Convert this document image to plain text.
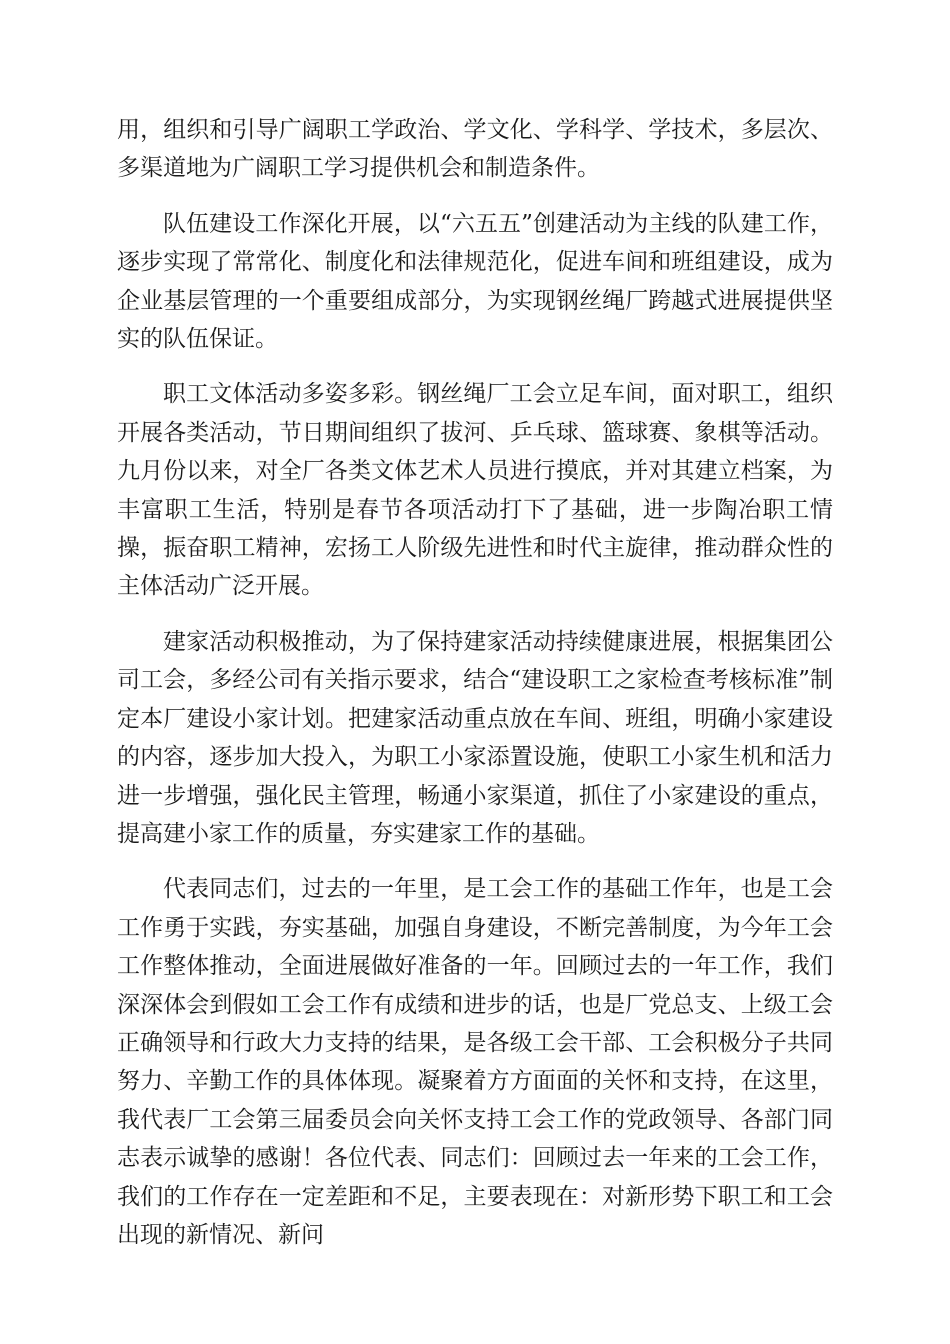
用，组织和引导广阔职工学政治、学文化、学科学、学技术，多层次、多渠道地为广阔职工学习提供机会和制造条件。

队伍建设工作深化开展，以“六五五”创建活动为主线的队建工作，逐步实现了常常化、制度化和法律规范化，促进车间和班组建设，成为企业基层管理的一个重要组成部分，为实现钢丝绳厂跨越式进展提供坚实的队伍保证。

职工文体活动多姿多彩。钢丝绳厂工会立足车间，面对职工，组织开展各类活动，节日期间组织了拔河、乒乓球、篮球赛、象棋等活动。九月份以来，对全厂各类文体艺术人员进行摸底，并对其建立档案，为丰富职工生活，特别是春节各项活动打下了基础，进一步陶冶职工情操，振奋职工精神，宏扬工人阶级先进性和时代主旋律，推动群众性的主体活动广泛开展。

建家活动积极推动，为了保持建家活动持续健康进展，根据集团公司工会，多经公司有关指示要求，结合“建设职工之家检查考核标准”制定本厂建设小家计划。把建家活动重点放在车间、班组，明确小家建设的内容，逐步加大投入，为职工小家添置设施，使职工小家生机和活力进一步增强，强化民主管理，畅通小家渠道，抓住了小家建设的重点，提高建小家工作的质量，夯实建家工作的基础。

代表同志们，过去的一年里，是工会工作的基础工作年，也是工会工作勇于实践，夯实基础，加强自身建设，不断完善制度，为今年工会工作整体推动，全面进展做好准备的一年。回顾过去的一年工作，我们深深体会到假如工会工作有成绩和进步的话，也是厂党总支、上级工会正确领导和行政大力支持的结果，是各级工会干部、工会积极分子共同努力、辛勤工作的具体体现。凝聚着方方面面的关怀和支持，在这里，我代表厂工会第三届委员会向关怀支持工会工作的党政领导、各部门同志表示诚挚的感谢！各位代表、同志们：回顾过去一年来的工会工作，我们的工作存在一定差距和不足，主要表现在：对新形势下职工和工会出现的新情况、新问
